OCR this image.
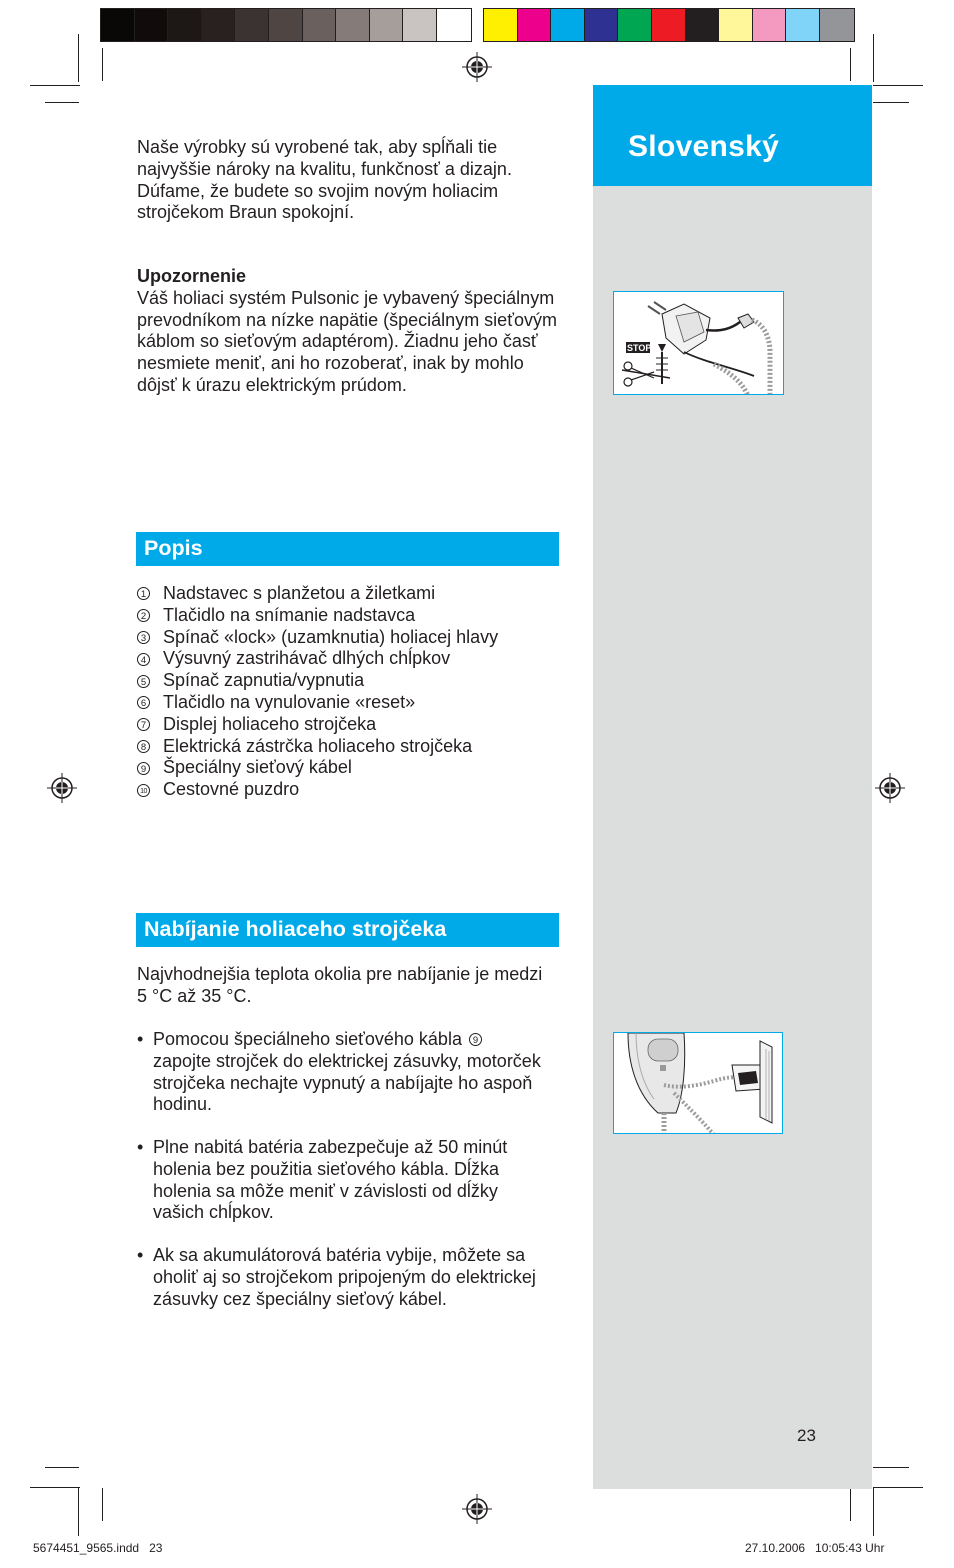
Slovenský
STOP

Naše výrobky sú vyrobené tak, aby spĺňali tie najvyššie nároky na kvalitu, funkčnosť a dizajn. Dúfame, že budete so svojim novým holiacim strojčekom Braun spokojní.

Upozornenie

Váš holiaci systém Pulsonic je vybavený špeciálnym prevodníkom na nízke napätie (špeciálnym sieťovým káblom so sieťovým adaptérom). Žiadnu jeho časť nesmiete meniť, ani ho rozoberať, inak by mohlo dôjsť k úrazu elektrickým prúdom.

Popis
1 Nadstavec s planžetou a žiletkami
2 Tlačidlo na snímanie nadstavca
3 Spínač «lock» (uzamknutia) holiacej hlavy
4 Výsuvný zastrihávač dlhých chĺpkov
5 Spínač zapnutia/vypnutia
6 Tlačidlo na vynulovanie «reset»
7 Displej holiaceho strojčeka
8 Elektrická zástrčka holiaceho strojčeka
9 Špeciálny sieťový kábel
10 Cestovné puzdro
Nabíjanie holiaceho strojčeka

Najvhodnejšia teplota okolia pre nabíjanie je medzi 5 °C až 35 °C.

• Pomocou špeciálneho sieťového kábla 9
zapojte strojček do elektrickej zásuvky, motorček strojčeka nechajte vypnutý a nabíjajte ho aspoň hodinu.
• Plne nabitá batéria zabezpečuje až 50 minút holenia bez použitia sieťového kábla. Dĺžka holenia sa môže meniť v závislosti od dĺžky vašich chĺpkov.
• Ak sa akumulátorová batéria vybije, môžete sa oholiť aj so strojčekom pripojeným do elektrickej zásuvky cez špeciálny sieťový kábel.
23
5674451_9565.indd   23	27.10.2006   10:05:43 Uhr
